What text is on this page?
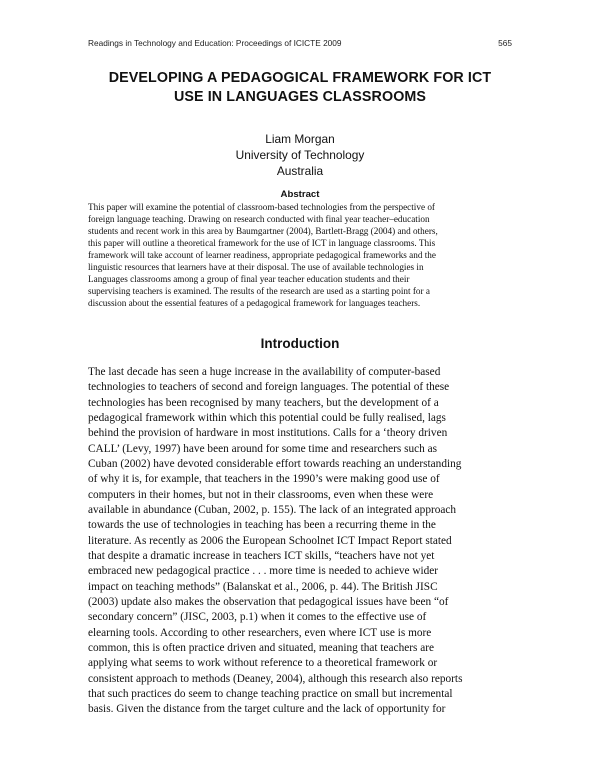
Readings in Technology and Education: Proceedings of ICICTE 2009	565
DEVELOPING A PEDAGOGICAL FRAMEWORK FOR ICT
USE IN LANGUAGES CLASSROOMS
Liam Morgan
University of Technology
Australia
Abstract
This paper will examine the potential of classroom-based technologies from the perspective of
foreign language teaching. Drawing on research conducted with final year teacher–education
students and recent work in this area by Baumgartner (2004), Bartlett-Bragg (2004) and others,
this paper will outline a theoretical framework for the use of ICT in language classrooms. This
framework will take account of learner readiness, appropriate pedagogical frameworks and the
linguistic resources that learners have at their disposal. The use of available technologies in
Languages classrooms among a group of final year teacher education students and their
supervising teachers is examined. The results of the research are used as a starting point for a
discussion about the essential features of a pedagogical framework for languages teachers.
Introduction
The last decade has seen a huge increase in the availability of computer-based
technologies to teachers of second and foreign languages. The potential of these
technologies has been recognised by many teachers, but the development of a
pedagogical framework within which this potential could be fully realised, lags
behind the provision of hardware in most institutions. Calls for a ‘theory driven
CALL’ (Levy, 1997) have been around for some time and researchers such as
Cuban (2002) have devoted considerable effort towards reaching an understanding
of why it is, for example, that teachers in the 1990’s were making good use of
computers in their homes, but not in their classrooms, even when these were
available in abundance (Cuban, 2002, p. 155). The lack of an integrated approach
towards the use of technologies in teaching has been a recurring theme in the
literature. As recently as 2006 the European Schoolnet ICT Impact Report stated
that despite a dramatic increase in teachers ICT skills, “teachers have not yet
embraced new pedagogical practice . . . more time is needed to achieve wider
impact on teaching methods” (Balanskat et al., 2006, p. 44). The British JISC
(2003) update also makes the observation that pedagogical issues have been “of
secondary concern” (JISC, 2003, p.1) when it comes to the effective use of
elearning tools. According to other researchers, even where ICT use is more
common, this is often practice driven and situated, meaning that teachers are
applying what seems to work without reference to a theoretical framework or
consistent approach to methods (Deaney, 2004), although this research also reports
that such practices do seem to change teaching practice on small but incremental
basis. Given the distance from the target culture and the lack of opportunity for
